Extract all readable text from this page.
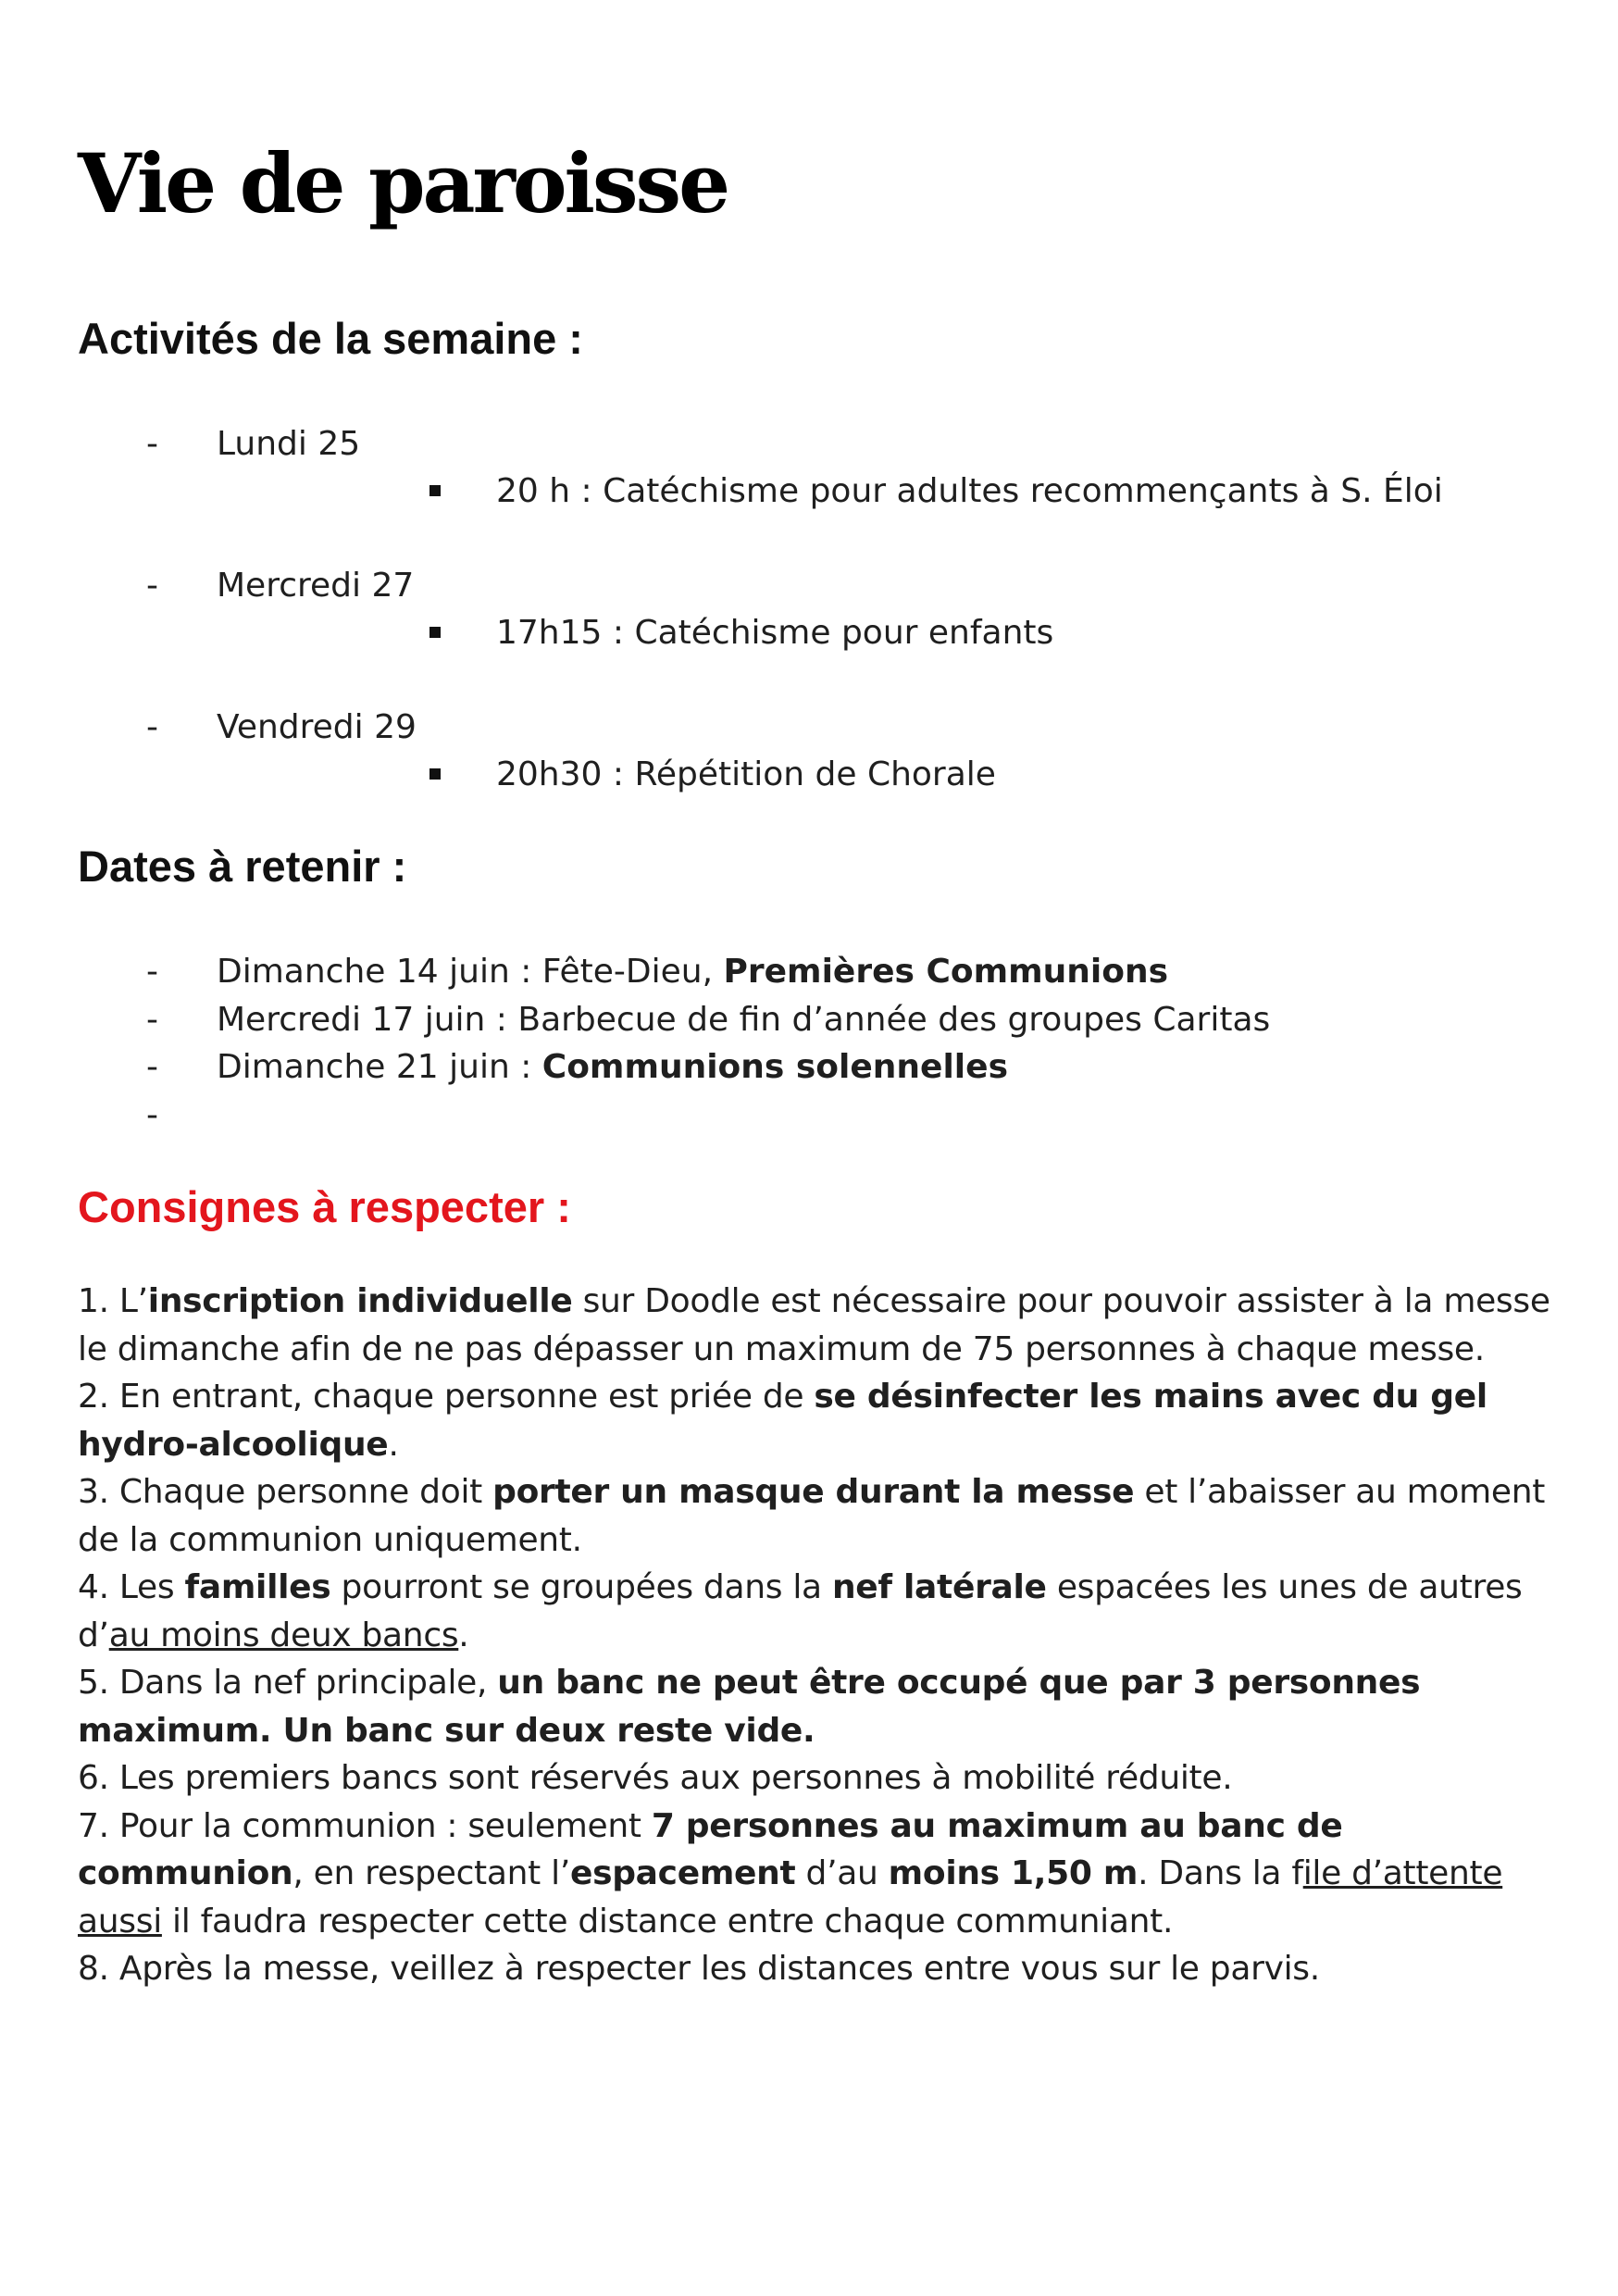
Vie de paroisse
Activités de la semaine :
- Lundi 25
20 h : Catéchisme pour adultes recommençants à S. Éloi
- Mercredi 27
17h15 : Catéchisme pour enfants
- Vendredi 29
20h30 : Répétition de Chorale
Dates à retenir :
- Dimanche 14 juin : Fête-Dieu, Premières Communions
- Mercredi 17 juin : Barbecue de fin d’année des groupes Caritas
- Dimanche 21 juin : Communions solennelles
-
Consignes à respecter :

1. L’inscription individuelle sur Doodle est nécessaire pour pouvoir assister à la messe le dimanche afin de ne pas dépasser un maximum de 75 personnes à chaque messe.

2. En entrant, chaque personne est priée de se désinfecter les mains avec du gel hydro-alcoolique.

3. Chaque personne doit porter un masque durant la messe et l’abaisser au moment de la communion uniquement.

4. Les familles pourront se groupées dans la nef latérale espacées les unes de autres d’au moins deux bancs.

5. Dans la nef principale, un banc ne peut être occupé que par 3 personnes maximum. Un banc sur deux reste vide.

6. Les premiers bancs sont réservés aux personnes à mobilité réduite.

7. Pour la communion : seulement 7 personnes au maximum au banc de communion, en respectant l’espacement d’au moins 1,50 m. Dans la file d’attente aussi il faudra respecter cette distance entre chaque communiant.

8. Après la messe, veillez à respecter les distances entre vous sur le parvis.
